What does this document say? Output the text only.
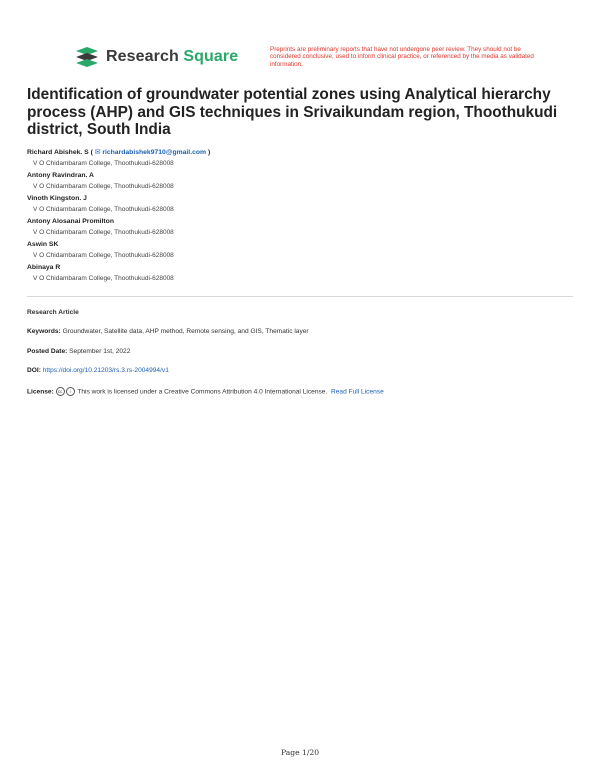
Research Square	Preprints are preliminary reports that have not undergone peer review. They should not be considered conclusive, used to inform clinical practice, or referenced by the media as validated information.
Identification of groundwater potential zones using Analytical hierarchy process (AHP) and GIS techniques in Srivaikundam region, Thoothukudi district, South India
Richard Abishek. S ( ✉ richardabishek9710@gmail.com )
V O Chidambaram College, Thoothukudi-628008
Antony Ravindran. A
V O Chidambaram College, Thoothukudi-628008
Vinoth Kingston. J
V O Chidambaram College, Thoothukudi-628008
Antony Alosanai Promilton
V O Chidambaram College, Thoothukudi-628008
Aswin SK
V O Chidambaram College, Thoothukudi-628008
Abinaya R
V O Chidambaram College, Thoothukudi-628008
Research Article
Keywords: Groundwater, Satellite data, AHP method, Remote sensing, and GIS, Thematic layer
Posted Date: September 1st, 2022
DOI: https://doi.org/10.21203/rs.3.rs-2004994/v1
License: cc i This work is licensed under a Creative Commons Attribution 4.0 International License. Read Full License
Page 1/20
